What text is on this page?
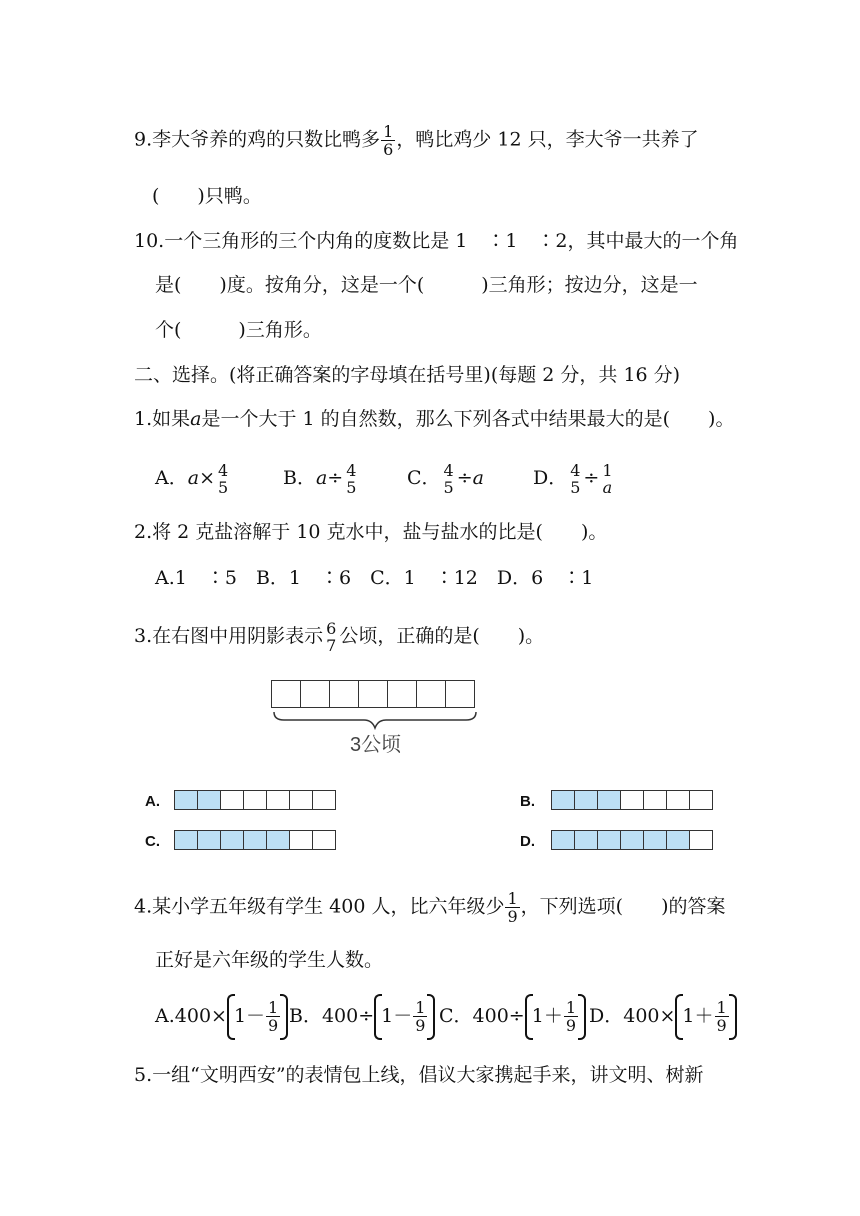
9.李大爷养的鸡的只数比鸭多 $\frac{1}{6}$ ，鸭比鸡少 12 只，李大爷一共养了
(　　)只鸭。
10.一个三角形的三个内角的度数比是 1　∶1　∶2，其中最大的一个角
是(　　)度。按角分，这是一个(　　　)三角形；按边分，这是一
个(　　　)三角形。
二、选择。(将正确答案的字母填在括号里)(每题 2 分，共 16 分)
1.如果a是一个大于 1 的自然数，那么下列各式中结果最大的是(　　)。
A．a× 4
5	B．a÷ 4
5	C． 4
5 ÷a	D． 4
5 ÷ 1
a
2.将 2 克盐溶解于 10 克水中，盐与盐水的比是(　　)。
A.1　∶5　B．1　∶6　C．1　∶12　D．6　∶1
3.在右图中用阴影表示 6
7 公顷，正确的是(　　)。
3公顷
A.	B.
C.	D.
4.某小学五年级有学生 400 人，比六年级少 $\frac{1}{9}$ ，下列选项(　　)的答案
正好是六年级的学生人数。
$A.400\times 1- \frac{1}{9}$ B．$400\div 1- \frac{1}{9}$ C．$400\div 1+ \frac{1}{9}$ D．$400\times 1+ \frac{1}{9}$
5.一组“文明西安”的表情包上线，倡议大家携起手来，讲文明、树新
